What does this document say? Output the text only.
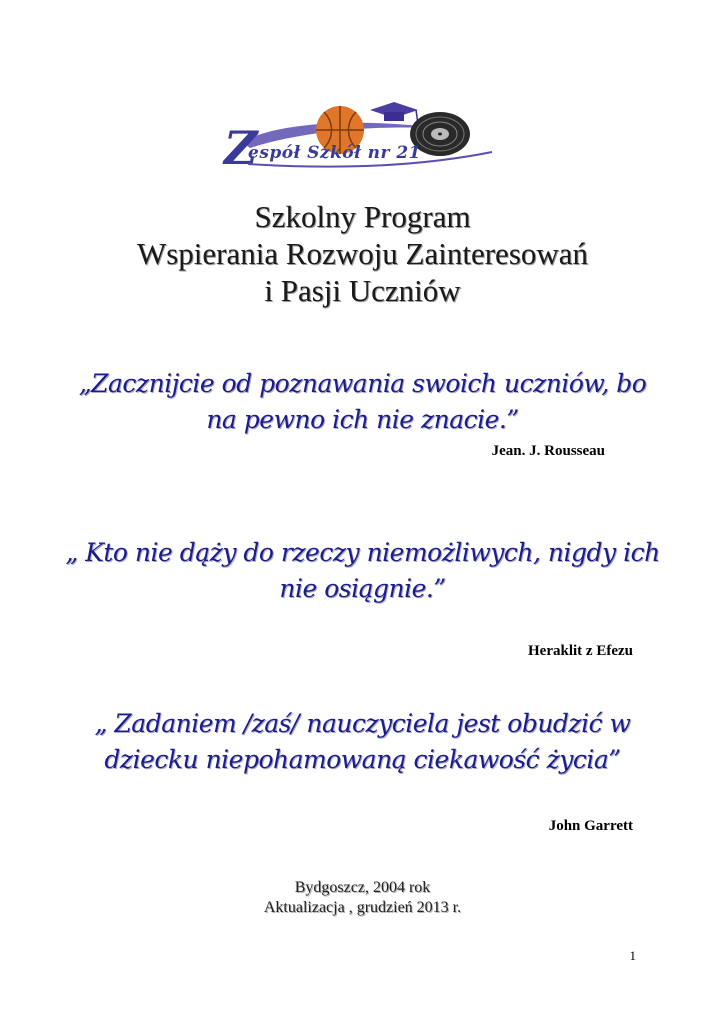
Z
espół Szkół nr 21
Szkolny Program
Wspierania Rozwoju Zainteresowań
i Pasji Uczniów
„Zacznijcie od poznawania swoich uczniów, bo
na pewno ich nie znacie.”
Jean. J. Rousseau
„ Kto nie dąży do rzeczy niemożliwych, nigdy ich
nie osiągnie.”
Heraklit z Efezu
„ Zadaniem /zaś/ nauczyciela jest obudzić w
dziecku niepohamowaną ciekawość życia”
John Garrett
Bydgoszcz, 2004 rok
Aktualizacja , grudzień 2013 r.
1
